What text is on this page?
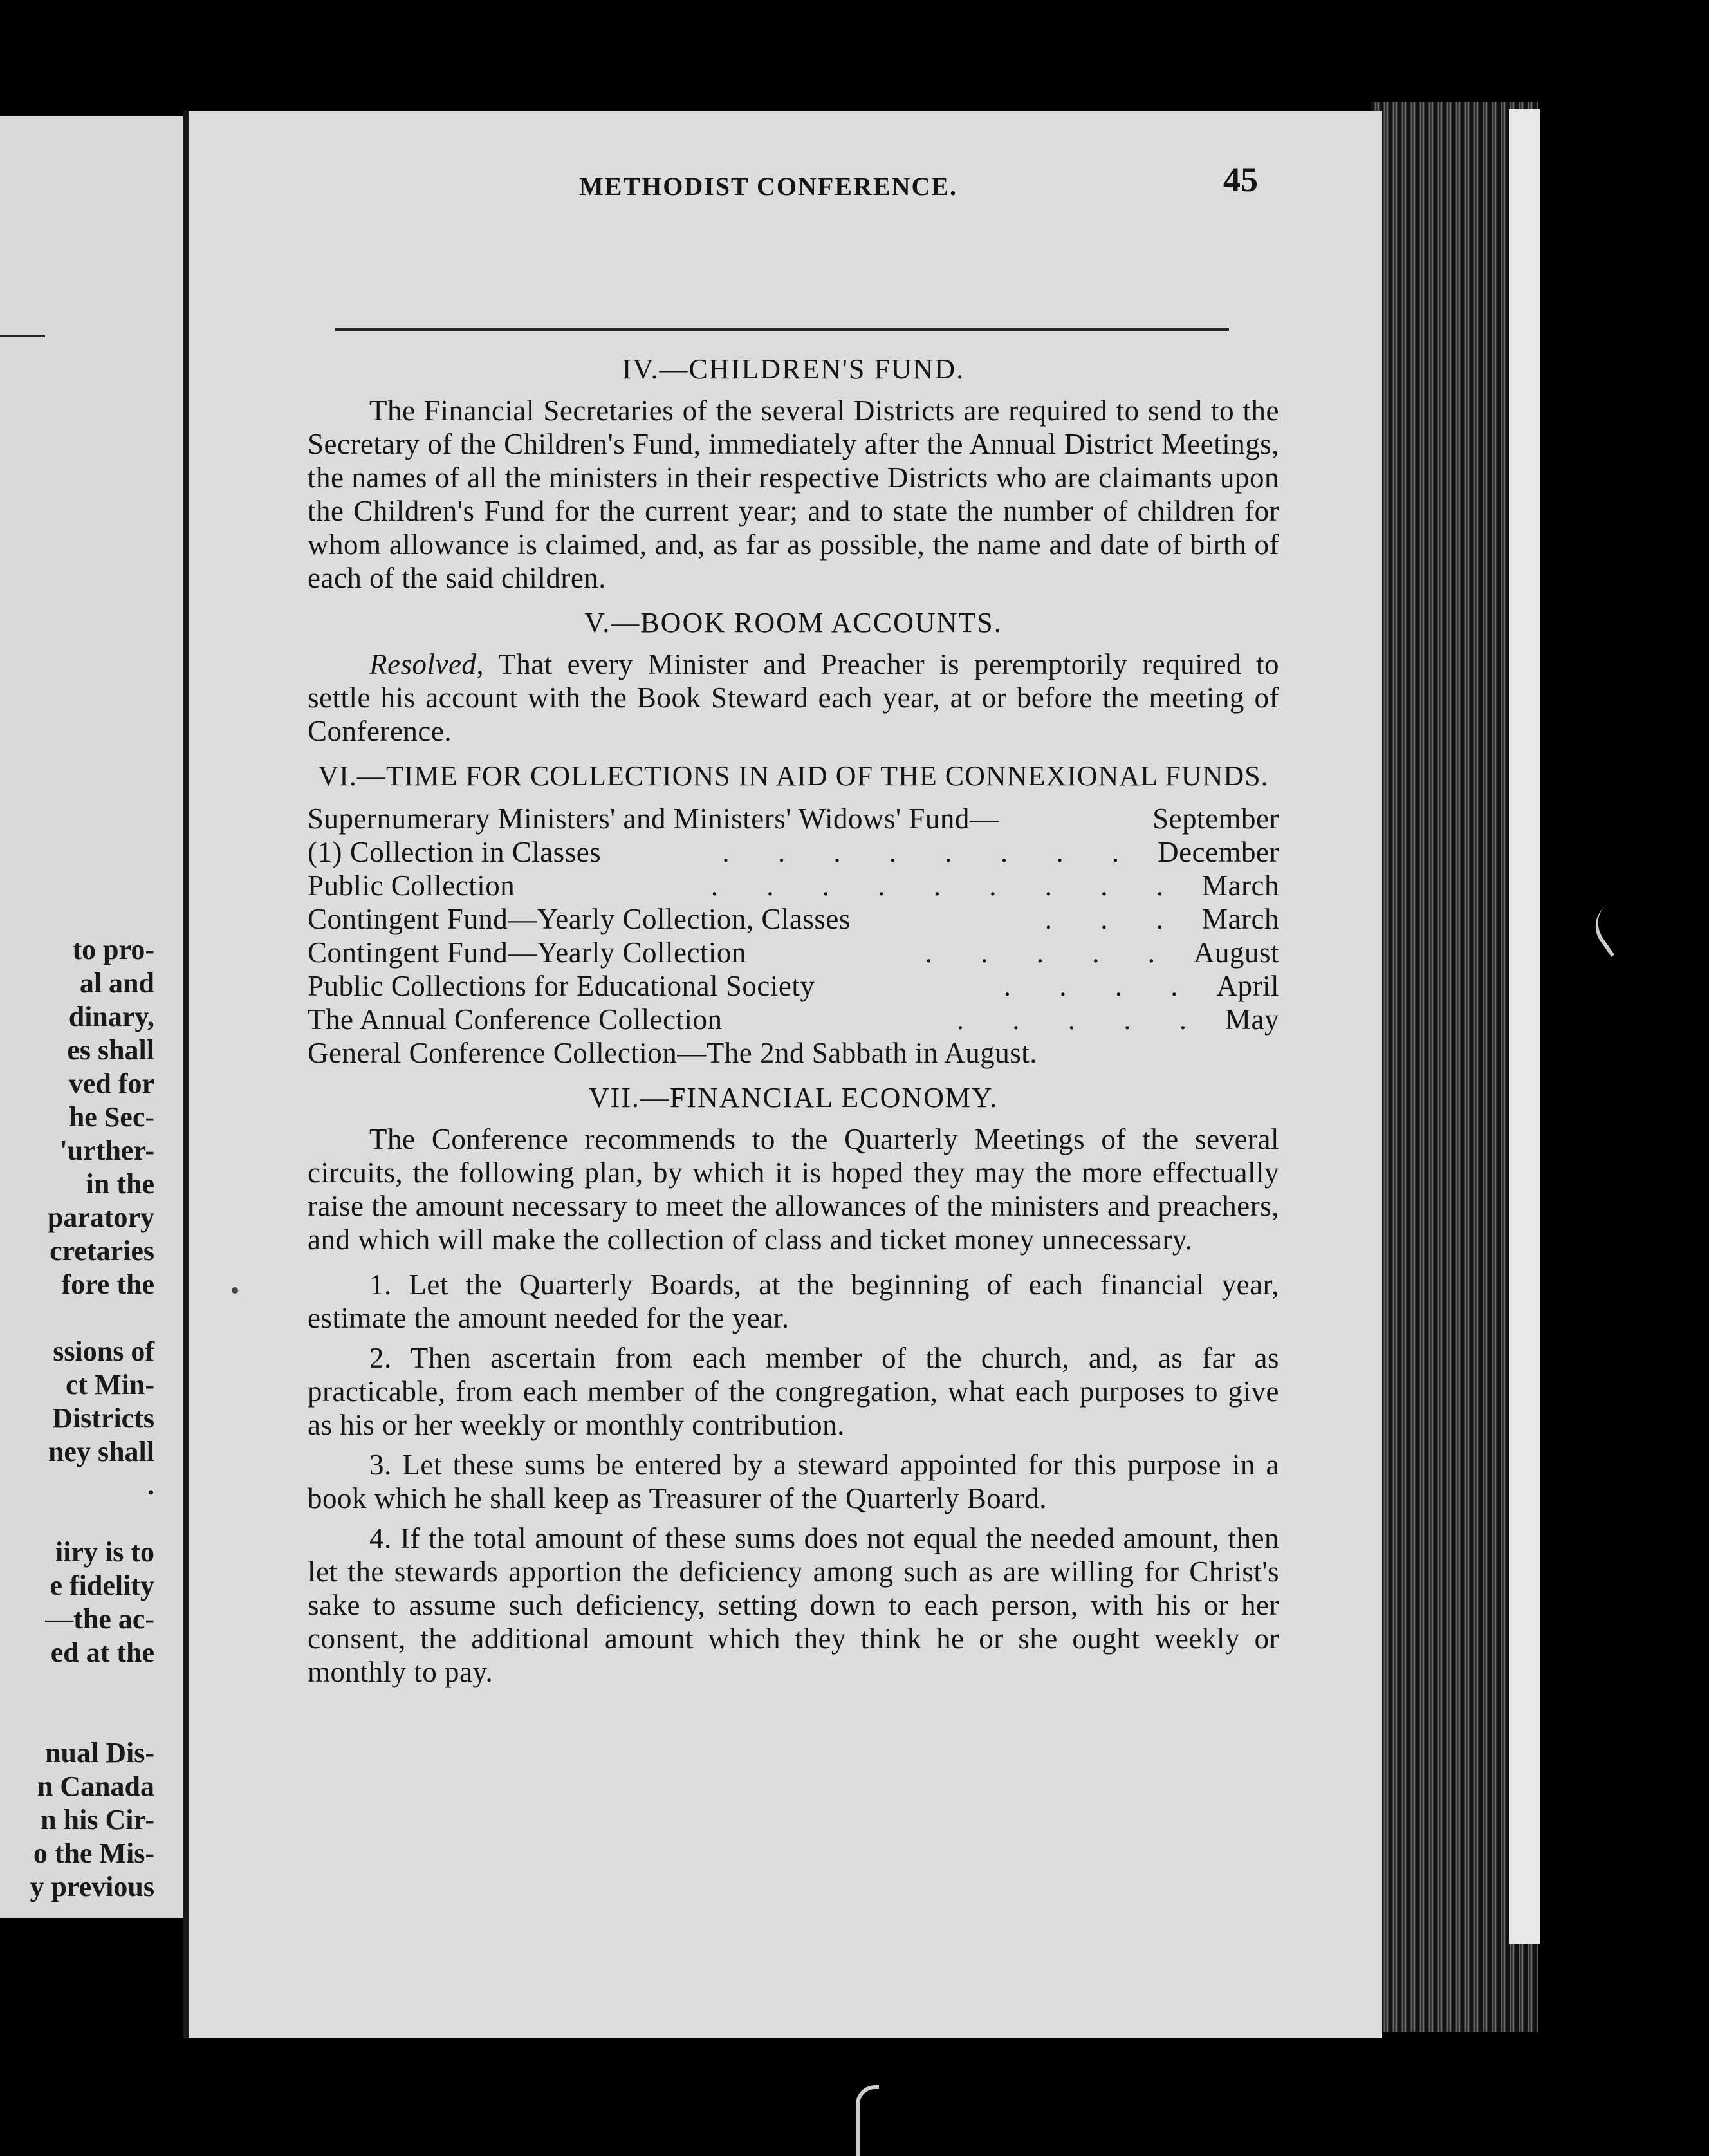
to pro-
al and
dinary,
es shall
ved for
he Sec-
'urther-
in the
paratory
cretaries
fore the
ssions of
ct Min-
Districts
ney shall
.
iiry is to
e fidelity
—the ac-
ed at the
nual Dis-
n Canada
n his Cir-
o the Mis-
y previous
METHODIST CONFERENCE.	45
IV.—CHILDREN'S FUND.

The Financial Secretaries of the several Districts are required to send to the Secretary of the Children's Fund, immediately after the Annual District Meetings, the names of all the ministers in their respective Districts who are claimants upon the Children's Fund for the current year; and to state the number of children for whom allowance is claimed, and, as far as possible, the name and date of birth of each of the said children.

V.—BOOK ROOM ACCOUNTS.

Resolved, That every Minister and Preacher is peremptorily required to settle his account with the Book Steward each year, at or before the meeting of Conference.

VI.—TIME FOR COLLECTIONS IN AID OF THE CONNEXIONAL FUNDS.
Supernumerary Ministers' and Ministers' Widows' Fund—	September
(1) Collection in Classes	. . . . . . . . December
Public Collection	. . . . . . . . . March
Contingent Fund—Yearly Collection, Classes	. . . March
Contingent Fund—Yearly Collection	. . . . . August
Public Collections for Educational Society	. . . . April
The Annual Conference Collection	. . . . . May
General Conference Collection—The 2nd Sabbath in August.
VII.—FINANCIAL ECONOMY.

The Conference recommends to the Quarterly Meetings of the several circuits, the following plan, by which it is hoped they may the more effectually raise the amount necessary to meet the allowances of the ministers and preachers, and which will make the collection of class and ticket money unnecessary.

1. Let the Quarterly Boards, at the beginning of each financial year, estimate the amount needed for the year.

2. Then ascertain from each member of the church, and, as far as practicable, from each member of the congregation, what each purposes to give as his or her weekly or monthly contribution.

3. Let these sums be entered by a steward appointed for this purpose in a book which he shall keep as Treasurer of the Quarterly Board.

4. If the total amount of these sums does not equal the needed amount, then let the stewards apportion the deficiency among such as are willing for Christ's sake to assume such deficiency, setting down to each person, with his or her consent, the additional amount which they think he or she ought weekly or monthly to pay.
